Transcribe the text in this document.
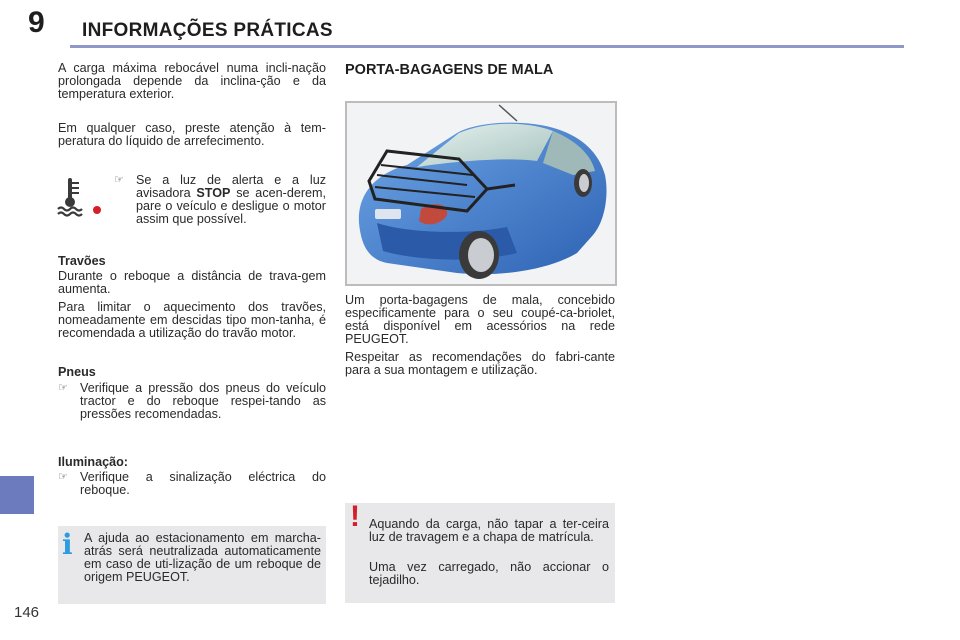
9 INFORMAÇÕES PRÁTICAS
146

A carga máxima rebocável numa incli-nação prolongada depende da inclina-ção e da temperatura exterior.

Em qualquer caso, preste atenção à tem-peratura do líquido de arrefecimento.

☞ Se a luz de alerta e a luz avisadora STOP se acen-derem, pare o veículo e desligue o motor assim que possível.

Travões

Durante o reboque a distância de trava-gem aumenta.

Para limitar o aquecimento dos travões, nomeadamente em descidas tipo mon-tanha, é recomendada a utilização do travão motor.

Pneus
☞ Verifique a pressão dos pneus do veículo tractor e do reboque respei-tando as pressões recomendadas.

Iluminação:
☞ Verifique a sinalização eléctrica do reboque.

i A ajuda ao estacionamento em marcha-atrás será neutralizada automaticamente em caso de uti-lização de um reboque de origem PEUGEOT.

PORTA-BAGAGENS DE MALA

Um porta-bagagens de mala, concebido especificamente para o seu coupé-ca-briolet, está disponível em acessórios na rede PEUGEOT.

Respeitar as recomendações do fabri-cante para a sua montagem e utilização.

! Aquando da carga, não tapar a ter-ceira luz de travagem e a chapa de matrícula.

Uma vez carregado, não accionar o tejadilho.
